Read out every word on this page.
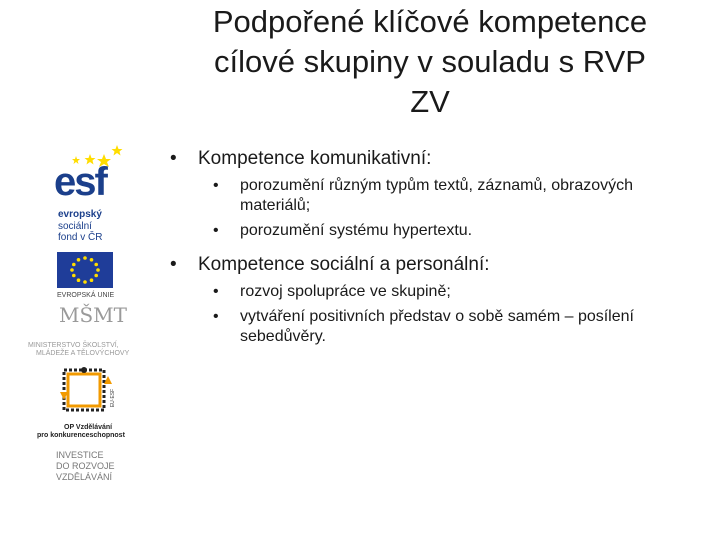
esf
evropský
sociální
fond v ČR
EVROPSKÁ UNIE
MŠMT
MINISTERSTVO ŠKOLSTVÍ,
MLÁDEŽE A TĚLOVÝCHOVY
EU·ESF
OP Vzdělávání
pro konkurenceschopnost
INVESTICE
DO ROZVOJE
VZDĚLÁVÁNÍ
Podpořené klíčové kompetence
cílové skupiny v souladu s RVP
ZV
• Kompetence komunikativní:
• porozumění různým typům textů, záznamů, obrazových materiálů;
• porozumění systému hypertextu.
• Kompetence sociální a personální:
• rozvoj spolupráce ve skupině;
• vytváření positivních představ o sobě samém – posílení sebedůvěry.
